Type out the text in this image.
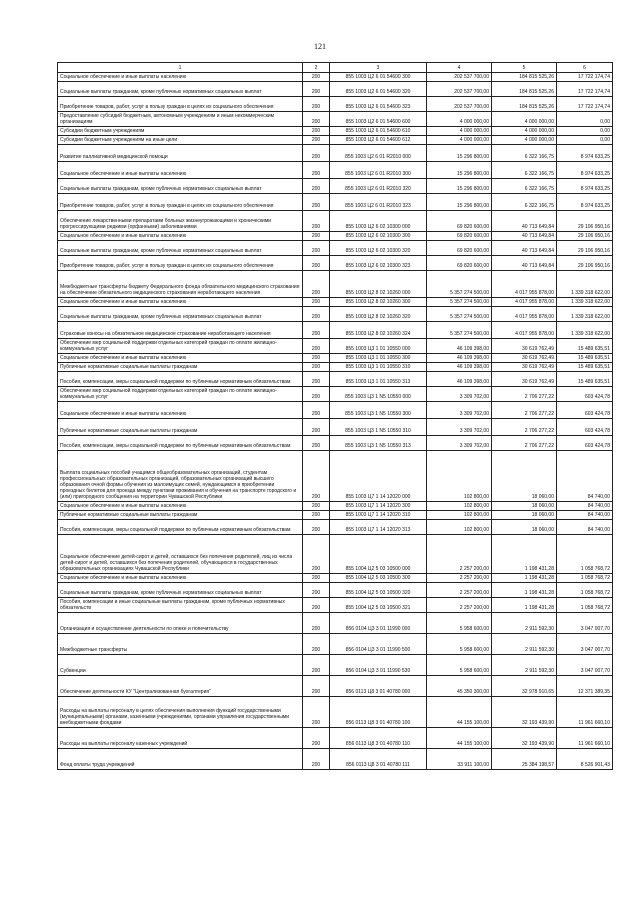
121
1	2	3	4	5	6
Социальное обеспечение и иные выплаты населению	200	855 1003 Ц2 6 01 54600 300	202 537 700,00	184 815 525,26	17 722 174,74
Социальные выплаты гражданам, кроме публичных нормативных социальных выплат	200	855 1003 Ц2 6 01 54600 320	202 537 700,00	184 815 525,26	17 722 174,74
Приобретение товаров, работ, услуг в пользу граждан в целях их социального обеспечения	200	855 1003 Ц2 6 01 54600 323	202 537 700,00	184 815 525,26	17 722 174,74
Предоставление субсидий бюджетным, автономным учреждениям и иным некоммерческим организациям	200	855 1003 Ц2 6 01 54600 600	4 000 000,00	4 000 000,00	0,00
Субсидии бюджетным учреждениям	200	855 1003 Ц2 6 01 54600 610	4 000 000,00	4 000 000,00	0,00
Субсидии бюджетным учреждениям на иные цели	200	855 1003 Ц2 6 01 54600 612	4 000 000,00	4 000 000,00	0,00
Развитие паллиативной медицинской помощи	200	855 1003 Ц2 6 01 R2010 000	15 296 800,00	6 322 166,75	8 974 633,25
Социальное обеспечение и иные выплаты населению	200	855 1003 Ц2 6 01 R2010 300	15 296 800,00	6 322 166,75	8 974 633,25
Социальные выплаты гражданам, кроме публичных нормативных социальных выплат	200	855 1003 Ц2 6 01 R2010 320	15 296 800,00	6 322 166,75	8 974 633,25
Приобретение товаров, работ, услуг в пользу граждан в целях их социального обеспечения	200	855 1003 Ц2 6 01 R2010 323	15 296 800,00	6 322 166,75	8 974 633,25
Обеспечение лекарственными препаратами больных жизнеугрожающими и хроническими прогрессирующими редкими (орфанными) заболеваниями	200	855 1003 Ц2 6 02 10300 000	69 820 600,00	40 713 649,84	29 106 950,16
Социальное обеспечение и иные выплаты населению	200	855 1003 Ц2 6 02 10300 300	69 820 600,00	40 713 649,84	29 106 950,16
Социальные выплаты гражданам, кроме публичных нормативных социальных выплат	200	855 1003 Ц2 6 02 10300 320	69 820 600,00	40 713 649,84	29 106 950,16
Приобретение товаров, работ, услуг в пользу граждан в целях их социального обеспечения	200	855 1003 Ц2 6 02 10300 323	69 820 600,00	40 713 649,84	29 106 950,16
Межбюджетные трансферты бюджету Федерального фонда обязательного медицинского страхования на обеспечение обязательного медицинского страхования неработающего населения	200	855 1003 Ц2 8 02 10260 000	5 357 274 500,00	4 017 955 878,00	1 339 318 622,00
Социальное обеспечение и иные выплаты населению	200	855 1003 Ц2 8 02 10260 300	5 357 274 500,00	4 017 955 878,00	1 339 318 622,00
Социальные выплаты гражданам, кроме публичных нормативных социальных выплат	200	855 1003 Ц2 8 02 10260 320	5 357 274 500,00	4 017 955 878,00	1 339 318 622,00
Страховые взносы на обязательное медицинское страхование неработающего населения	200	855 1003 Ц2 8 02 10260 324	5 357 274 500,00	4 017 955 878,00	1 339 318 622,00
Обеспечение мер социальной поддержки отдельных категорий граждан по оплате жилищно-коммунальных услуг	200	855 1003 Ц3 1 01 10550 000	46 109 398,00	30 619 762,49	15 489 635,51
Социальное обеспечение и иные выплаты населению	200	855 1003 Ц3 1 01 10550 300	46 109 398,00	30 619 762,49	15 489 635,51
Публичные нормативные социальные выплаты гражданам	200	855 1003 Ц3 1 01 10550 310	46 109 398,00	30 619 762,49	15 489 635,51
Пособия, компенсации, меры социальной поддержки по публичным нормативным обязательствам	200	855 1003 Ц3 1 01 10550 313	46 109 398,00	30 619 762,49	15 489 635,51
Обеспечение мер социальной поддержки отдельных категорий граждан по оплате жилищно-коммунальных услуг	200	855 1003 Ц3 1 N5 10550 000	3 309 702,00	2 706 277,22	603 424,78
Социальное обеспечение и иные выплаты населению	200	855 1003 Ц3 1 N5 10550 300	3 309 702,00	2 706 277,22	603 424,78
Публичные нормативные социальные выплаты гражданам	200	855 1003 Ц3 1 N5 10550 310	3 309 702,00	2 706 277,22	603 424,78
Пособия, компенсации, меры социальной поддержки по публичным нормативным обязательствам	200	855 1003 Ц3 1 N5 10550 313	3 309 702,00	2 706 277,22	603 424,78
Выплата социальных пособий учащимся общеобразовательных организаций, студентам профессиональных образовательных организаций, образовательных организаций высшего образования очной формы обучения из малоимущих семей, нуждающимся в приобретении проездных билетов для проезда между пунктами проживания и обучения на транспорте городского и (или) пригородного сообщения на территории Чувашской Республики	200	855 1003 Ц7 1 14 12020 000	102 800,00	18 060,00	84 740,00
Социальное обеспечение и иные выплаты населению	200	855 1003 Ц7 1 14 12020 300	102 800,00	18 060,00	84 740,00
Публичные нормативные социальные выплаты гражданам	200	855 1003 Ц7 1 14 12020 310	102 800,00	18 060,00	84 740,00
Пособия, компенсации, меры социальной поддержки по публичным нормативным обязательствам	200	855 1003 Ц7 1 14 12020 313	102 800,00	18 060,00	84 740,00
Социальное обеспечение детей-сирот и детей, оставшихся без попечения родителей, лиц из числа детей-сирот и детей, оставшихся без попечения родителей, обучающихся в государственных образовательных организациях Чувашской Республики	200	855 1004 Ц2 5 03 10500 000	2 257 200,00	1 198 431,28	1 058 768,72
Социальное обеспечение и иные выплаты населению	200	855 1004 Ц2 5 03 10500 300	2 257 200,00	1 198 431,28	1 058 768,72
Социальные выплаты гражданам, кроме публичных нормативных социальных выплат	200	855 1004 Ц2 5 03 10500 320	2 257 200,00	1 198 431,28	1 058 768,72
Пособия, компенсации и иные социальные выплаты гражданам, кроме публичных нормативных обязательств	200	855 1004 Ц2 5 03 10500 321	2 257 200,00	1 198 431,28	1 058 768,72
Организация и осуществление деятельности по опеке и попечительству	200	856 0104 Ц3 3 01 11990 000	5 958 600,00	2 911 592,30	3 047 007,70
Межбюджетные трансферты	200	856 0104 Ц3 3 01 11990 500	5 958 600,00	2 911 592,30	3 047 007,70
Субвенции	200	856 0104 Ц3 3 01 11990 530	5 958 600,00	2 911 592,30	3 047 007,70
Обеспечение деятельности КУ "Централизованная бухгалтерия"	200	856 0113 Ц8 3 01 40780 000	45 350 300,00	32 978 910,65	12 371 389,35
Расходы на выплаты персоналу в целях обеспечения выполнения функций государственными (муниципальными) органами, казенными учреждениями, органами управления государственными внебюджетными фондами	200	856 0113 Ц8 3 01 40780 100	44 155 100,00	32 193 439,90	11 961 660,10
Расходы на выплаты персоналу казенных учреждений	200	856 0113 Ц8 3 01 40780 110	44 155 100,00	32 193 439,90	11 961 660,10
Фонд оплаты труда учреждений	200	856 0113 Ц8 3 01 40780 111	33 911 100,00	25 384 198,57	8 526 901,43
